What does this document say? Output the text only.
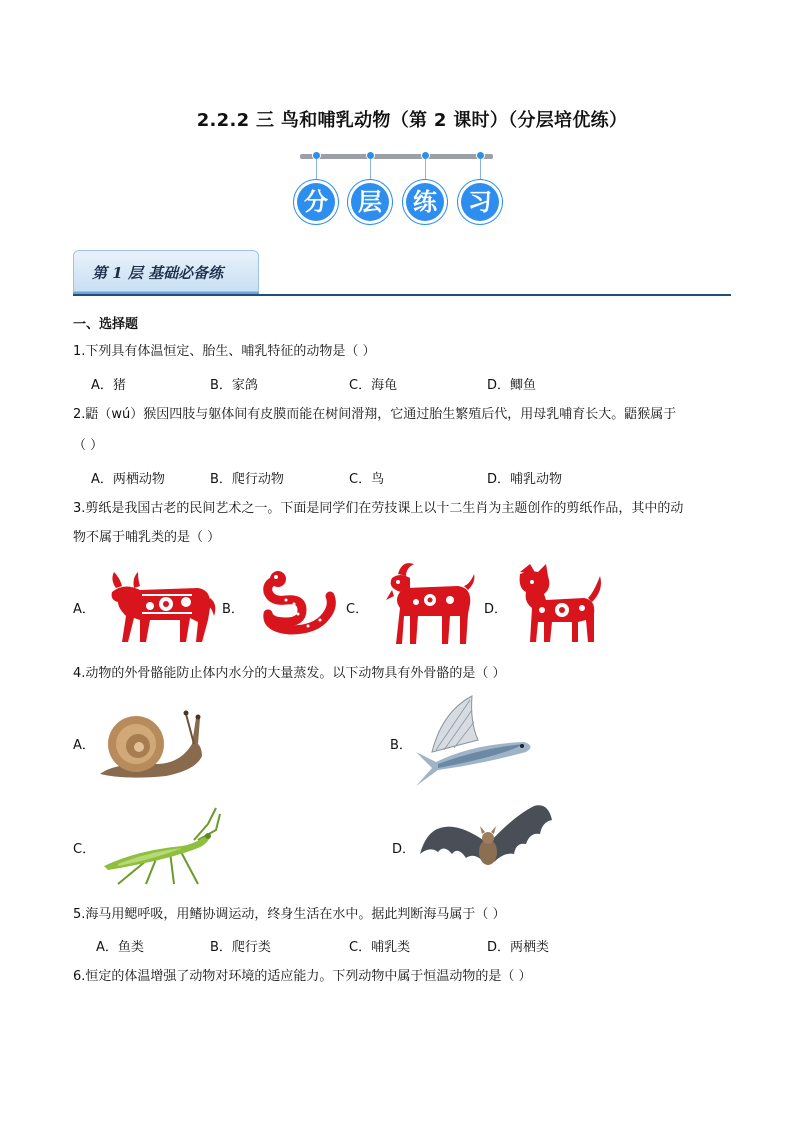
2.2.2 三 鸟和哺乳动物（第 2 课时）（分层培优练）
分	层	练	习
第 1 层 基础必备练
一、选择题
1.下列具有体温恒定、胎生、哺乳特征的动物是（ ）
A．猪	B．家鸽	C．海龟	D．鲫鱼
2.鼯（wú）猴因四肢与躯体间有皮膜而能在树间滑翔，它通过胎生繁殖后代，用母乳哺育长大。鼯猴属于
（ ）
A．两栖动物	B．爬行动物	C．鸟	D．哺乳动物
3.剪纸是我国古老的民间艺术之一。下面是同学们在劳技课上以十二生肖为主题创作的剪纸作品，其中的动
物不属于哺乳类的是（ ）
A．	B．	C．	D．
4.动物的外骨骼能防止体内水分的大量蒸发。以下动物具有外骨骼的是（ ）
A．	B．
C．	D．
5.海马用鳃呼吸，用鳍协调运动，终身生活在水中。据此判断海马属于（ ）
A．鱼类	B．爬行类	C．哺乳类	D．两栖类
6.恒定的体温增强了动物对环境的适应能力。下列动物中属于恒温动物的是（ ）
